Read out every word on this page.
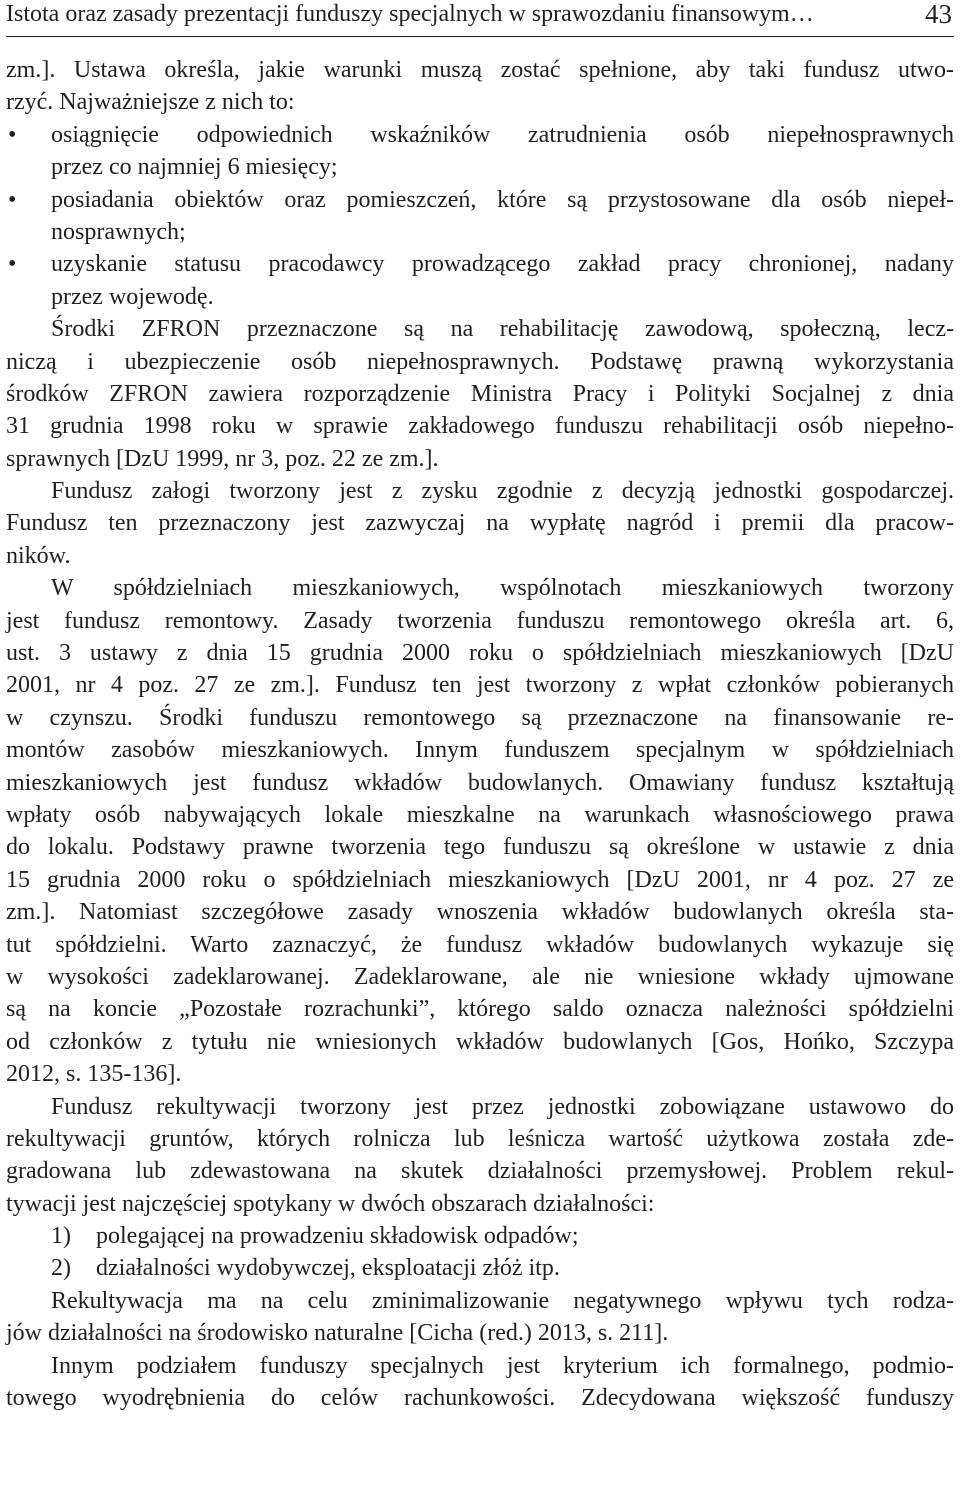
Istota oraz zasady prezentacji funduszy specjalnych w sprawozdaniu finansowym…	43
zm.]. Ustawa określa, jakie warunki muszą zostać spełnione, aby taki fundusz utwo-
rzyć. Najważniejsze z nich to:
• osiągnięcie odpowiednich wskaźników zatrudnienia osób niepełnosprawnych
przez co najmniej 6 miesięcy;
• posiadania obiektów oraz pomieszczeń, które są przystosowane dla osób niepeł-
nosprawnych;
• uzyskanie statusu pracodawcy prowadzącego zakład pracy chronionej, nadany
przez wojewodę.
Środki ZFRON przeznaczone są na rehabilitację zawodową, społeczną, lecz-
niczą i ubezpieczenie osób niepełnosprawnych. Podstawę prawną wykorzystania
środków ZFRON zawiera rozporządzenie Ministra Pracy i Polityki Socjalnej z dnia
31 grudnia 1998 roku w sprawie zakładowego funduszu rehabilitacji osób niepełno-
sprawnych [DzU 1999, nr 3, poz. 22 ze zm.].
Fundusz załogi tworzony jest z zysku zgodnie z decyzją jednostki gospodarczej.
Fundusz ten przeznaczony jest zazwyczaj na wypłatę nagród i premii dla pracow-
ników.
W spółdzielniach mieszkaniowych, wspólnotach mieszkaniowych tworzony
jest fundusz remontowy. Zasady tworzenia funduszu remontowego określa art. 6,
ust. 3 ustawy z dnia 15 grudnia 2000 roku o spółdzielniach mieszkaniowych [DzU
2001, nr 4 poz. 27 ze zm.]. Fundusz ten jest tworzony z wpłat członków pobieranych
w czynszu. Środki funduszu remontowego są przeznaczone na finansowanie re-
montów zasobów mieszkaniowych. Innym funduszem specjalnym w spółdzielniach
mieszkaniowych jest fundusz wkładów budowlanych. Omawiany fundusz kształtują
wpłaty osób nabywających lokale mieszkalne na warunkach własnościowego prawa
do lokalu. Podstawy prawne tworzenia tego funduszu są określone w ustawie z dnia
15 grudnia 2000 roku o spółdzielniach mieszkaniowych [DzU 2001, nr 4 poz. 27 ze
zm.]. Natomiast szczegółowe zasady wnoszenia wkładów budowlanych określa sta-
tut spółdzielni. Warto zaznaczyć, że fundusz wkładów budowlanych wykazuje się
w wysokości zadeklarowanej. Zadeklarowane, ale nie wniesione wkłady ujmowane
są na koncie „Pozostałe rozrachunki”, którego saldo oznacza należności spółdzielni
od członków z tytułu nie wniesionych wkładów budowlanych [Gos, Hońko, Szczypa
2012, s. 135-136].
Fundusz rekultywacji tworzony jest przez jednostki zobowiązane ustawowo do
rekultywacji gruntów, których rolnicza lub leśnicza wartość użytkowa została zde-
gradowana lub zdewastowana na skutek działalności przemysłowej. Problem rekul-
tywacji jest najczęściej spotykany w dwóch obszarach działalności:
1) polegającej na prowadzeniu składowisk odpadów;
2) działalności wydobywczej, eksploatacji złóż itp.
Rekultywacja ma na celu zminimalizowanie negatywnego wpływu tych rodza-
jów działalności na środowisko naturalne [Cicha (red.) 2013, s. 211].
Innym podziałem funduszy specjalnych jest kryterium ich formalnego, podmio-
towego wyodrębnienia do celów rachunkowości. Zdecydowana większość funduszy
